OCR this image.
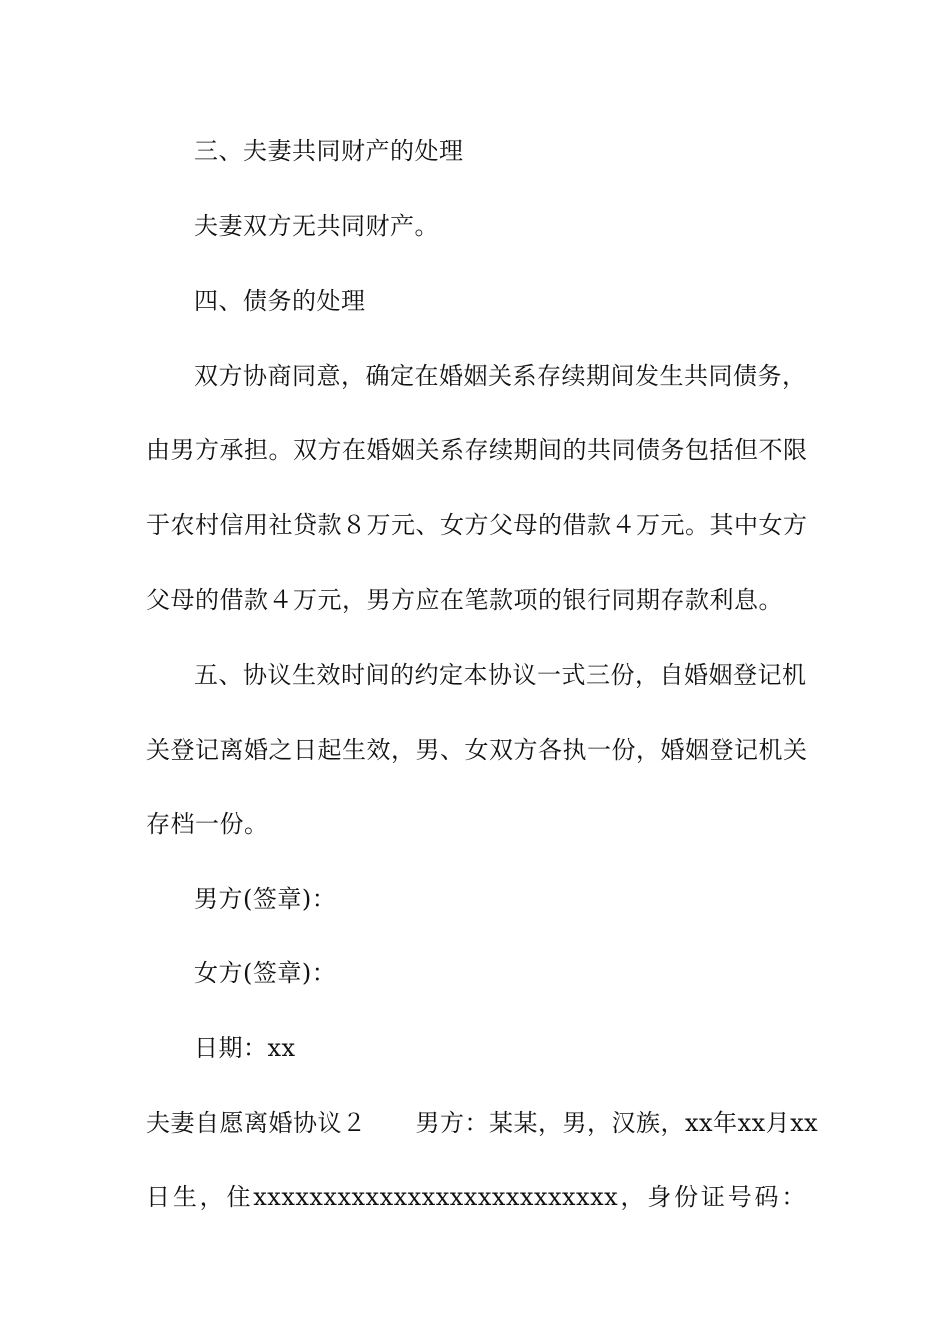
三、夫妻共同财产的处理
夫妻双方无共同财产。
四、债务的处理
双方协商同意，确定在婚姻关系存续期间发生共同债务，
由男方承担。双方在婚姻关系存续期间的共同债务包括但不限
于农村信用社贷款８万元、女方父母的借款４万元。其中女方
父母的借款４万元，男方应在笔款项的银行同期存款利息。
五、协议生效时间的约定本协议一式三份，自婚姻登记机
关登记离婚之日起生效，男、女双方各执一份，婚姻登记机关
存档一份。
男方(签章)：
女方(签章)：
日期：xx
夫妻自愿离婚协议２　　男方：某某，男，汉族，xx年xx月xx
日 生 ， 住 xxxxxxxxxxxxxxxxxxxxxxxxxx ， 身 份 证 号 码 ：
